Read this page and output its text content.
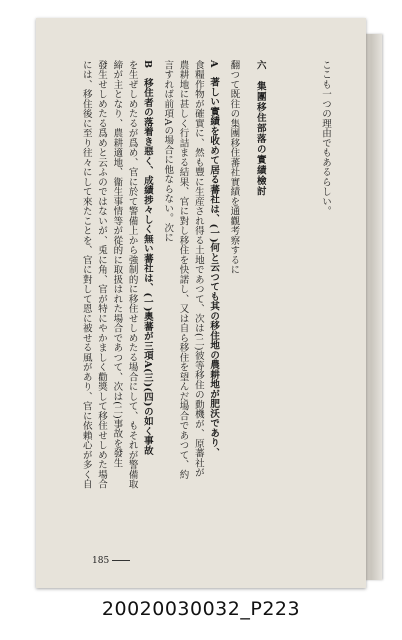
ここも一つの理由でもあるらしい。
六　集團移住部落の實績檢討
翻つて既往の集團移住蕃社實績を通觀考察するに
A　著しい實績を收めて居る蕃社は、(一)何と云つても其の移住地の農耕地が肥沃であり、
食糧作物が確實に、然も豐に生産され得る土地であつて、次は(二)彼等移住の動機が、原蕃社が
農耕地に甚しく行詰まる結果、官に對し移住を快諾し、又は自ら移住を望んだ場合であつて、約
言すれば前項Aの場合に他ならない。次に
B　移住者の落着き惡く、成績捗々しく無い蕃社は、(一)奧蕃が三項A(三)(四)の如く事故
を生ぜしめたるが爲め、官に於て警備上から強制的に移住せしめたる場合にして、もそれが警備取
締が主となり、農耕適地、衞生事情等が從的に取扱はれた場合であつて、次は(二)事故を發生
發生せしめたる爲めと云ふのではないが、兎に角、官が特にやかましく勸獎して移住せしめた場合
には、移住後に至り往々にして來たことを、官に對して恩に被せる風があり、官に依賴心が多く自
185
20020030032_P223
